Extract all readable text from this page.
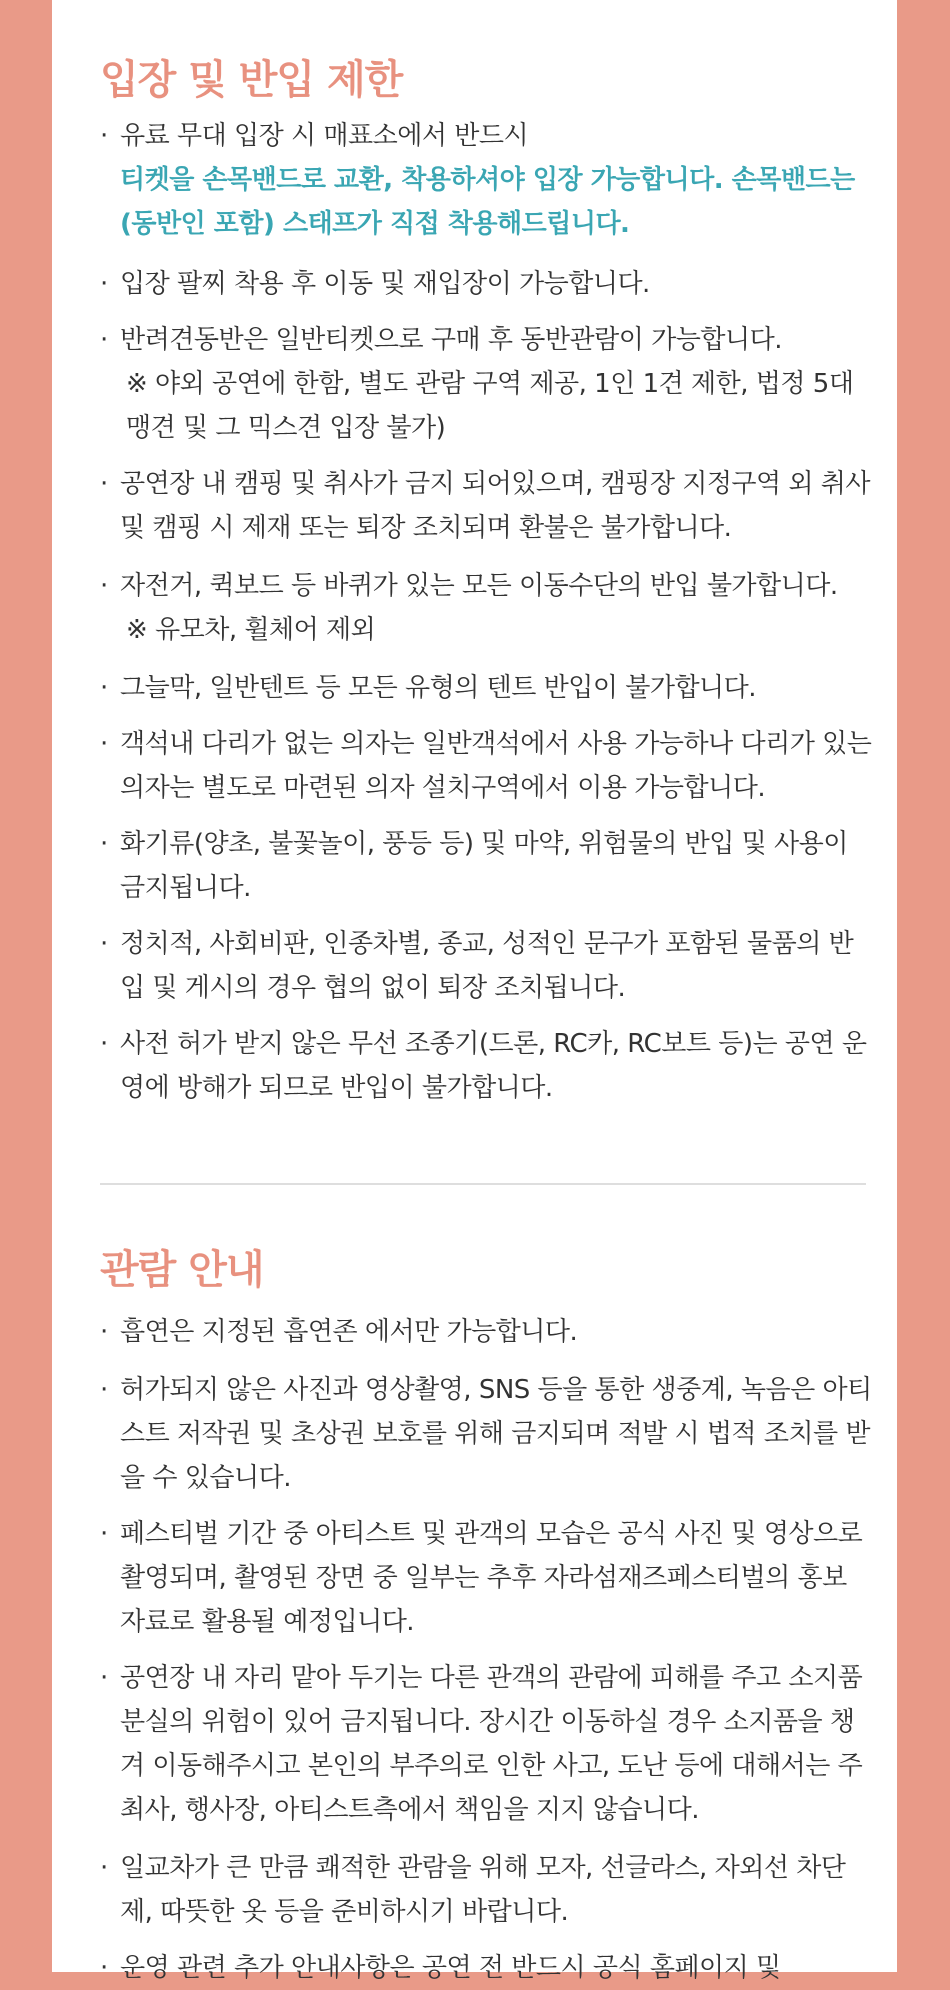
입장 및 반입 제한
· 유료 무대 입장 시 매표소에서 반드시
티켓을 손목밴드로 교환, 착용하셔야 입장 가능합니다. 손목밴드는
(동반인 포함) 스태프가 직접 착용해드립니다.
· 입장 팔찌 착용 후 이동 및 재입장이 가능합니다.
· 반려견동반은 일반티켓으로 구매 후 동반관람이 가능합니다.
※ 야외 공연에 한함, 별도 관람 구역 제공, 1인 1견 제한, 법정 5대 맹견 및 그 믹스견 입장 불가)
· 공연장 내 캠핑 및 취사가 금지 되어있으며, 캠핑장 지정구역 외 취사 및 캠핑 시 제재 또는 퇴장 조치되며 환불은 불가합니다.
· 자전거, 퀵보드 등 바퀴가 있는 모든 이동수단의 반입 불가합니다.
※ 유모차, 휠체어 제외
· 그늘막, 일반텐트 등 모든 유형의 텐트 반입이 불가합니다.
· 객석내 다리가 없는 의자는 일반객석에서 사용 가능하나 다리가 있는 의자는 별도로 마련된 의자 설치구역에서 이용 가능합니다.
· 화기류(양초, 불꽃놀이, 풍등 등) 및 마약, 위험물의 반입 및 사용이 금지됩니다.
· 정치적, 사회비판, 인종차별, 종교, 성적인 문구가 포함된 물품의 반입 및 게시의 경우 협의 없이 퇴장 조치됩니다.
· 사전 허가 받지 않은 무선 조종기(드론, RC카, RC보트 등)는 공연 운영에 방해가 되므로 반입이 불가합니다.
관람 안내
· 흡연은 지정된 흡연존 에서만 가능합니다.
· 허가되지 않은 사진과 영상촬영, SNS 등을 통한 생중계, 녹음은 아티스트 저작권 및 초상권 보호를 위해 금지되며 적발 시 법적 조치를 받을 수 있습니다.
· 페스티벌 기간 중 아티스트 및 관객의 모습은 공식 사진 및 영상으로 촬영되며, 촬영된 장면 중 일부는 추후 자라섬재즈페스티벌의 홍보 자료로 활용될 예정입니다.
· 공연장 내 자리 맡아 두기는 다른 관객의 관람에 피해를 주고 소지품 분실의 위험이 있어 금지됩니다. 장시간 이동하실 경우 소지품을 챙겨 이동해주시고 본인의 부주의로 인한 사고, 도난 등에 대해서는 주최사, 행사장, 아티스트측에서 책임을 지지 않습니다.
· 일교차가 큰 만큼 쾌적한 관람을 위해 모자, 선글라스, 자외선 차단제, 따뜻한 옷 등을 준비하시기 바랍니다.
· 운영 관련 추가 안내사항은 공연 전 반드시 공식 홈페이지 및
